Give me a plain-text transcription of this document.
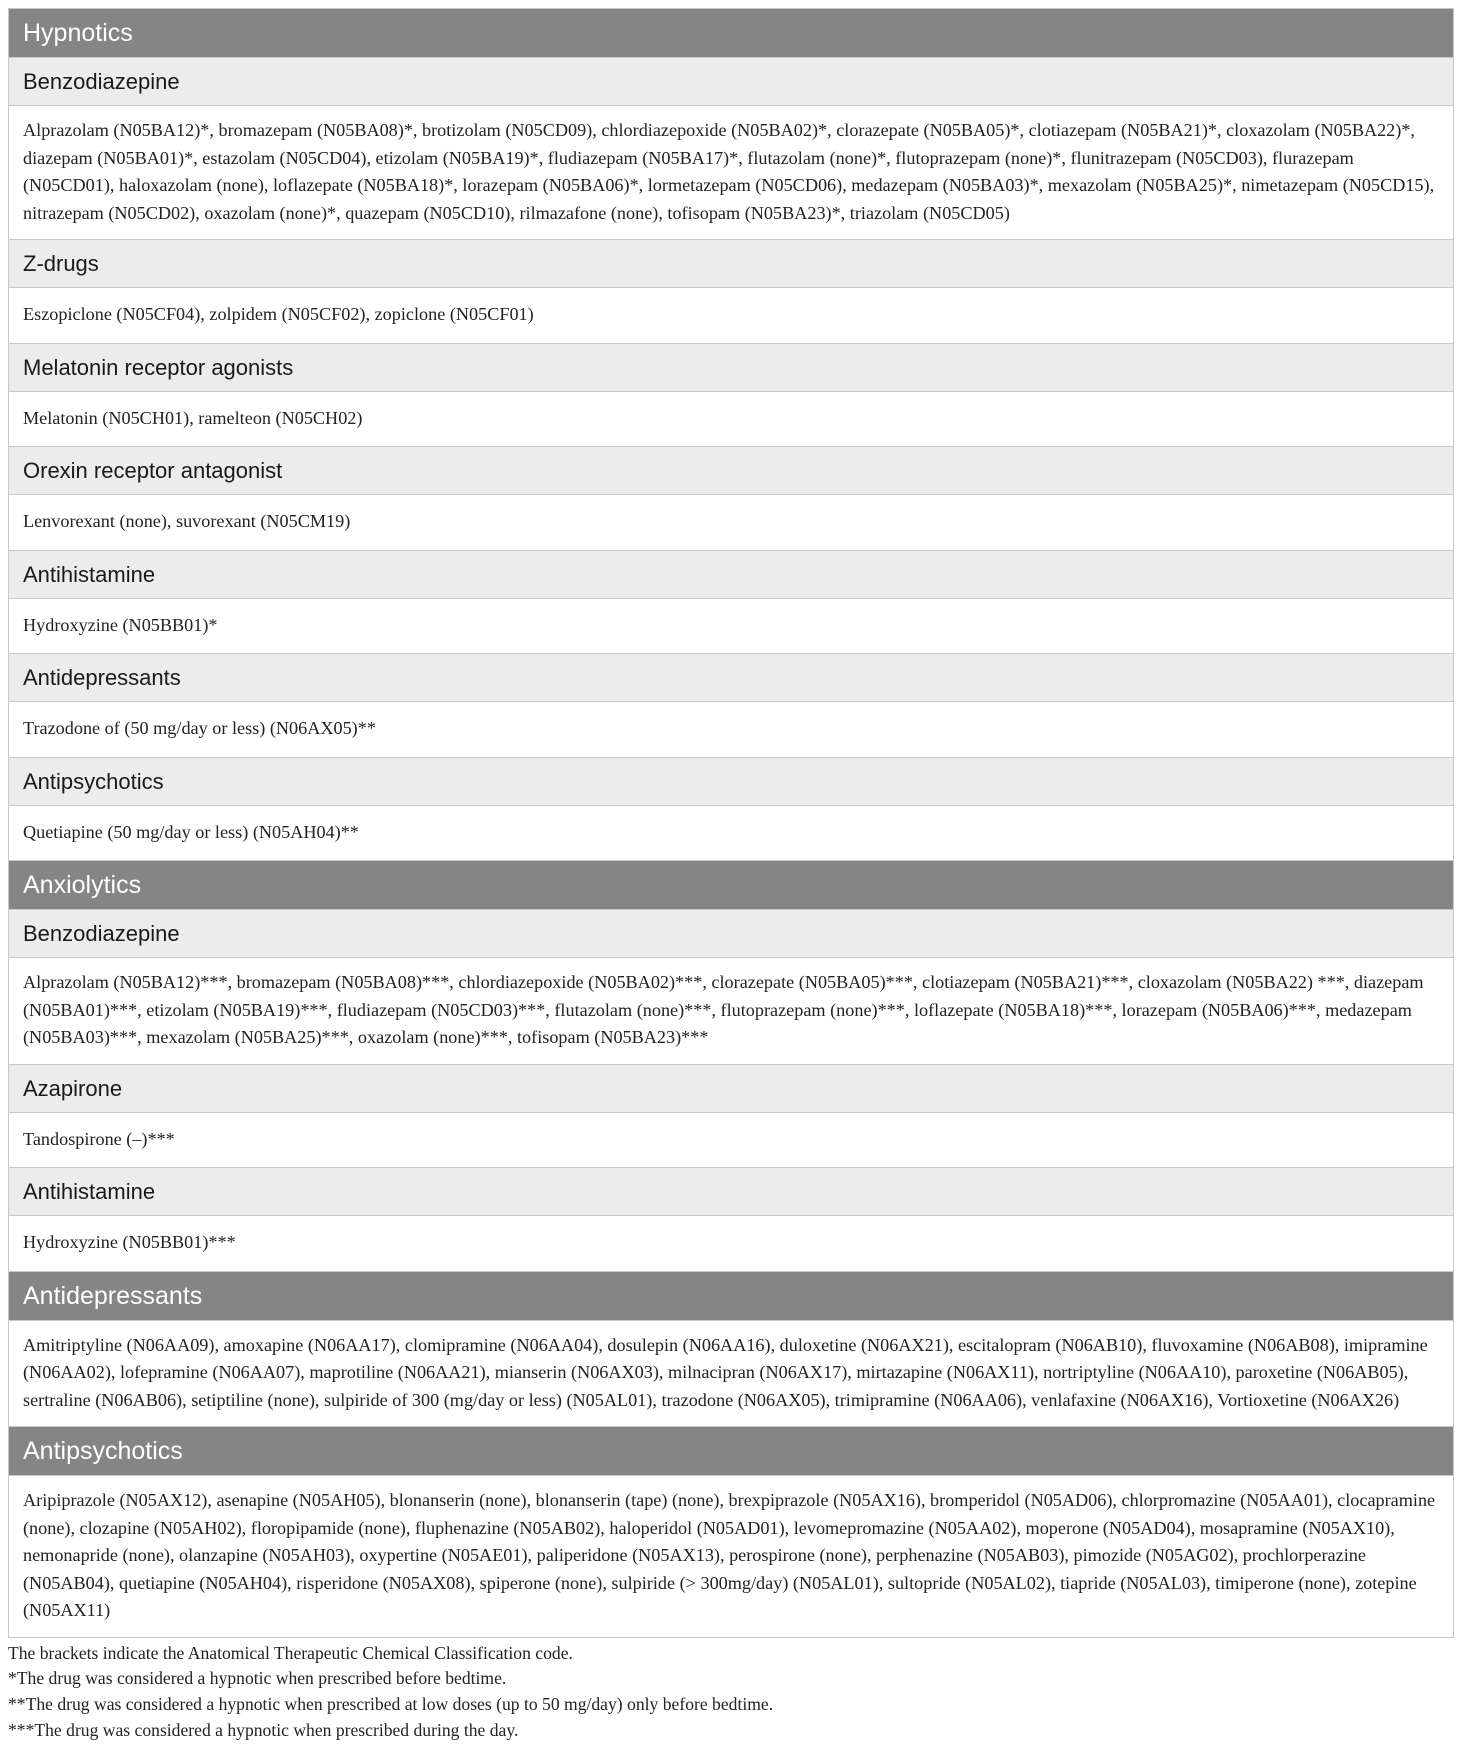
Hypnotics
Benzodiazepine
Alprazolam (N05BA12)*, bromazepam (N05BA08)*, brotizolam (N05CD09), chlordiazepoxide (N05BA02)*, clorazepate (N05BA05)*, clotiazepam (N05BA21)*, cloxazolam (N05BA22)*, diazepam (N05BA01)*, estazolam (N05CD04), etizolam (N05BA19)*, fludiazepam (N05BA17)*, flutazolam (none)*, flutoprazepam (none)*, flunitrazepam (N05CD03), flurazepam (N05CD01), haloxazolam (none), loflazepate (N05BA18)*, lorazepam (N05BA06)*, lormetazepam (N05CD06), medazepam (N05BA03)*, mexazolam (N05BA25)*, nimetazepam (N05CD15), nitrazepam (N05CD02), oxazolam (none)*, quazepam (N05CD10), rilmazafone (none), tofisopam (N05BA23)*, triazolam (N05CD05)
Z-drugs
Eszopiclone (N05CF04), zolpidem (N05CF02), zopiclone (N05CF01)
Melatonin receptor agonists
Melatonin (N05CH01), ramelteon (N05CH02)
Orexin receptor antagonist
Lenvorexant (none), suvorexant (N05CM19)
Antihistamine
Hydroxyzine (N05BB01)*
Antidepressants
Trazodone of (50 mg/day or less) (N06AX05)**
Antipsychotics
Quetiapine (50 mg/day or less) (N05AH04)**
Anxiolytics
Benzodiazepine
Alprazolam (N05BA12)***, bromazepam (N05BA08)***, chlordiazepoxide (N05BA02)***, clorazepate (N05BA05)***, clotiazepam (N05BA21)***, cloxazolam (N05BA22) ***, diazepam (N05BA01)***, etizolam (N05BA19)***, fludiazepam (N05CD03)***, flutazolam (none)***, flutoprazepam (none)***, loflazepate (N05BA18)***, lorazepam (N05BA06)***, medazepam (N05BA03)***, mexazolam (N05BA25)***, oxazolam (none)***, tofisopam (N05BA23)***
Azapirone
Tandospirone (–)***
Antihistamine
Hydroxyzine (N05BB01)***
Antidepressants
Amitriptyline (N06AA09), amoxapine (N06AA17), clomipramine (N06AA04), dosulepin (N06AA16), duloxetine (N06AX21), escitalopram (N06AB10), fluvoxamine (N06AB08), imipramine (N06AA02), lofepramine (N06AA07), maprotiline (N06AA21), mianserin (N06AX03), milnacipran (N06AX17), mirtazapine (N06AX11), nortriptyline (N06AA10), paroxetine (N06AB05), sertraline (N06AB06), setiptiline (none), sulpiride of 300 (mg/day or less) (N05AL01), trazodone (N06AX05), trimipramine (N06AA06), venlafaxine (N06AX16), Vortioxetine (N06AX26)
Antipsychotics
Aripiprazole (N05AX12), asenapine (N05AH05), blonanserin (none), blonanserin (tape) (none), brexpiprazole (N05AX16), bromperidol (N05AD06), chlorpromazine (N05AA01), clocapramine (none), clozapine (N05AH02), floropipamide (none), fluphenazine (N05AB02), haloperidol (N05AD01), levomepromazine (N05AA02), moperone (N05AD04), mosapramine (N05AX10), nemonapride (none), olanzapine (N05AH03), oxypertine (N05AE01), paliperidone (N05AX13), perospirone (none), perphenazine (N05AB03), pimozide (N05AG02), prochlorperazine (N05AB04), quetiapine (N05AH04), risperidone (N05AX08), spiperone (none), sulpiride (> 300mg/day) (N05AL01), sultopride (N05AL02), tiapride (N05AL03), timiperone (none), zotepine (N05AX11)
The brackets indicate the Anatomical Therapeutic Chemical Classification code.
*The drug was considered a hypnotic when prescribed before bedtime.
**The drug was considered a hypnotic when prescribed at low doses (up to 50 mg/day) only before bedtime.
***The drug was considered a hypnotic when prescribed during the day.
